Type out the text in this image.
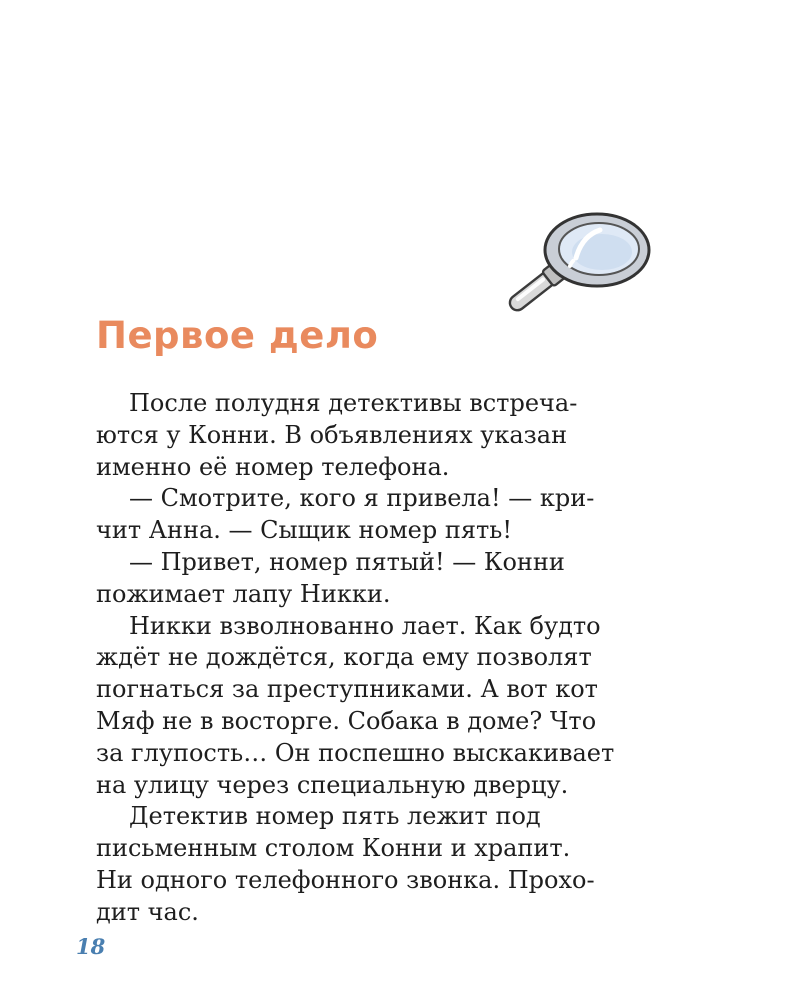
Первое дело
После полудня детективы встреча-
ются у Конни. В объявлениях указан
именно её номер телефона.
— Смотрите, кого я привела! — кри-
чит Анна. — Сыщик номер пять!
— Привет, номер пятый! — Конни
пожимает лапу Никки.
Никки взволнованно лает. Как будто
ждёт не дождётся, когда ему позволят
погнаться за преступниками. А вот кот
Мяф не в восторге. Собака в доме? Что
за глупость… Он поспешно выскакивает
на улицу через специальную дверцу.
Детектив номер пять лежит под
письменным столом Конни и храпит.
Ни одного телефонного звонка. Прохо-
дит час.
18
